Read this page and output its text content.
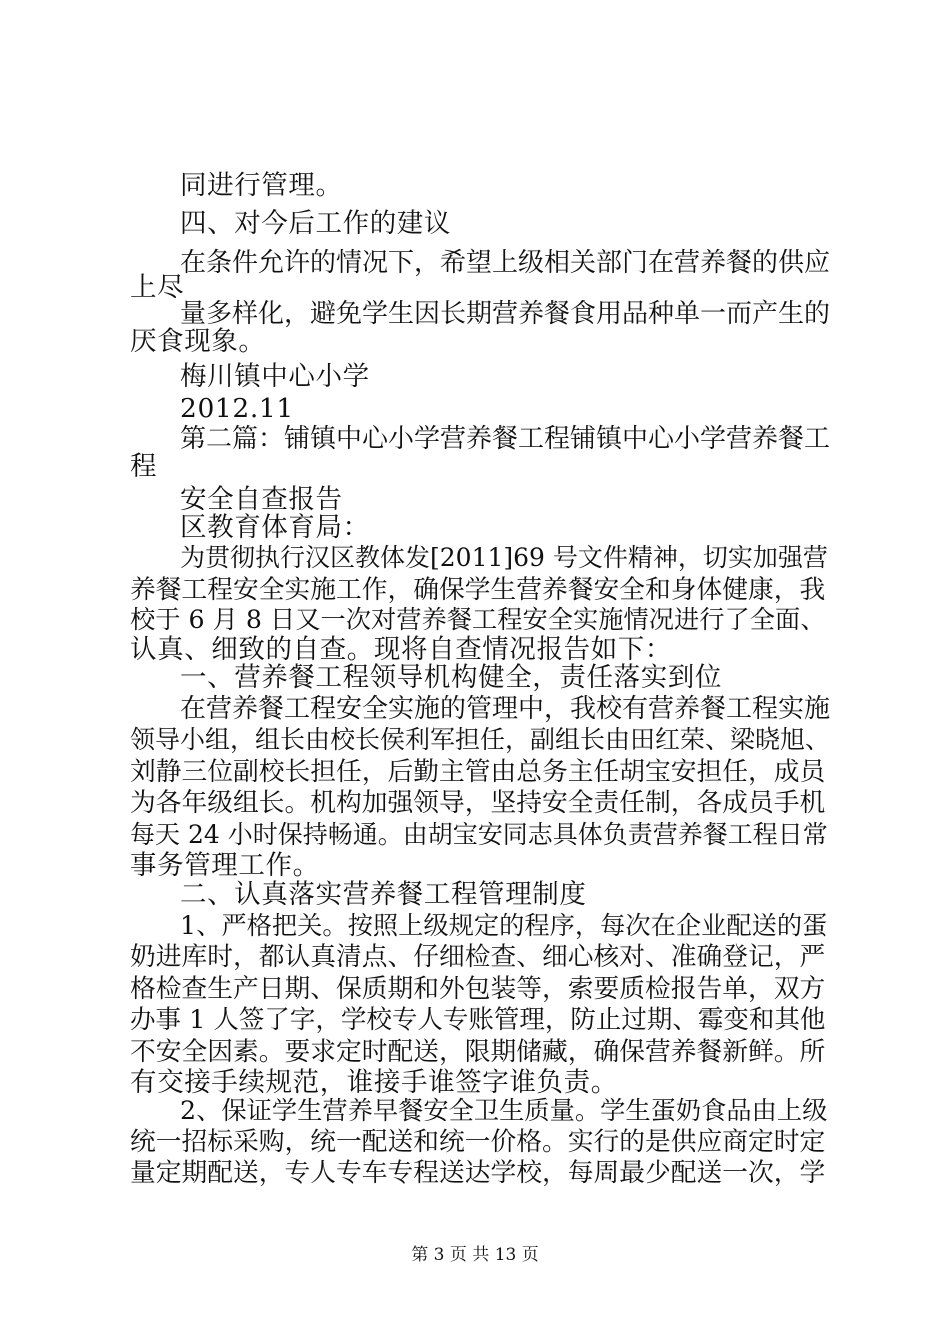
同进行管理。
四、对今后工作的建议
在条件允许的情况下，希望上级相关部门在营养餐的供应
上尽
量多样化，避免学生因长期营养餐食用品种单一而产生的
厌食现象。
梅川镇中心小学
2012.11
第二篇：铺镇中心小学营养餐工程铺镇中心小学营养餐工
程
安全自查报告
区教育体育局：
为贯彻执行汉区教体发[2011]69 号文件精神，切实加强营
养餐工程安全实施工作，确保学生营养餐安全和身体健康，我
校于 6 月 8 日又一次对营养餐工程安全实施情况进行了全面、
认真、细致的自查。现将自查情况报告如下：
一、营养餐工程领导机构健全，责任落实到位
在营养餐工程安全实施的管理中，我校有营养餐工程实施
领导小组，组长由校长侯利军担任，副组长由田红荣、梁晓旭、
刘静三位副校长担任，后勤主管由总务主任胡宝安担任，成员
为各年级组长。机构加强领导，坚持安全责任制，各成员手机
每天 24 小时保持畅通。由胡宝安同志具体负责营养餐工程日常
事务管理工作。
二、认真落实营养餐工程管理制度
1、严格把关。按照上级规定的程序，每次在企业配送的蛋
奶进库时，都认真清点、仔细检查、细心核对、准确登记，严
格检查生产日期、保质期和外包装等，索要质检报告单，双方
办事 1 人签了字，学校专人专账管理，防止过期、霉变和其他
不安全因素。要求定时配送，限期储藏，确保营养餐新鲜。所
有交接手续规范，谁接手谁签字谁负责。
2、保证学生营养早餐安全卫生质量。学生蛋奶食品由上级
统一招标采购，统一配送和统一价格。实行的是供应商定时定
量定期配送，专人专车专程送达学校，每周最少配送一次，学
第 3 页 共 13 页
